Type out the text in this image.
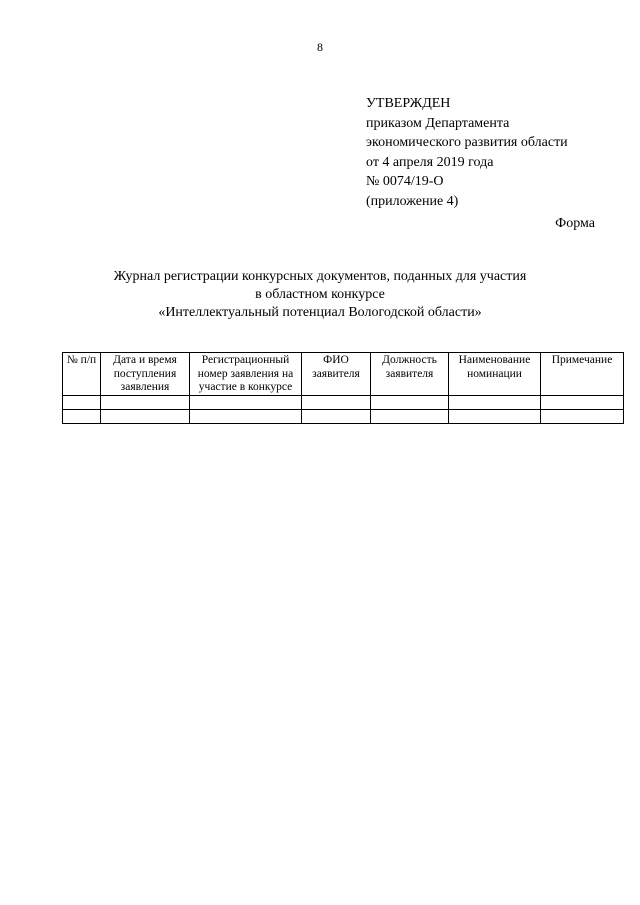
8
УТВЕРЖДЕН
приказом Департамента
экономического развития области
от 4 апреля 2019 года
№ 0074/19-О
(приложение 4)
Форма
Журнал регистрации конкурсных документов, поданных для участия
в областном конкурсе
«Интеллектуальный потенциал Вологодской области»
№ п/п	Дата и время поступления заявления	Регистрационный номер заявления на участие в конкурсе	ФИО заявителя	Должность заявителя	Наименование номинации	Примечание
